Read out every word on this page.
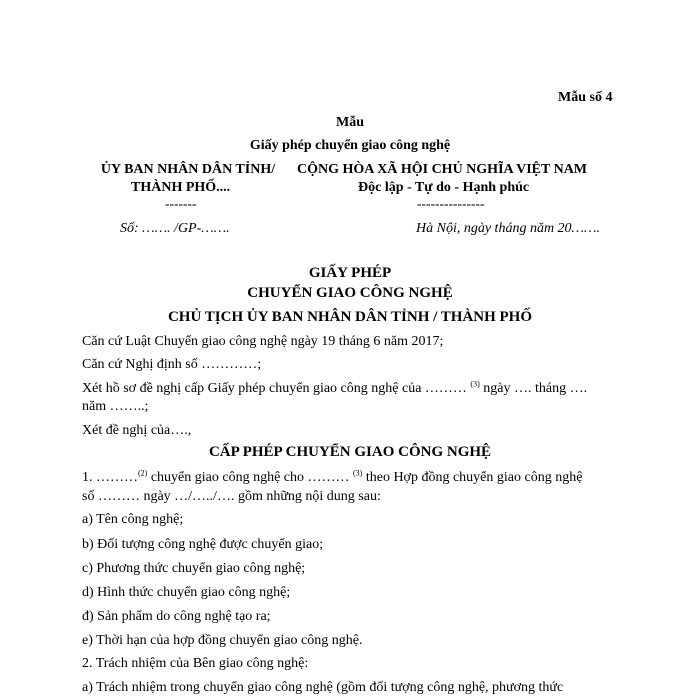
Mẫu số 4
Mẫu
Giấy phép chuyển giao công nghệ
ỦY BAN NHÂN DÂN TỈNH/
THÀNH PHỐ....
-------
Số: ……. /GP-…….
CỘNG HÒA XÃ HỘI CHỦ NGHĨA VIỆT NAM
Độc lập - Tự do - Hạnh phúc
---------------
Hà Nội, ngày tháng năm 20…….
GIẤY PHÉP
CHUYỂN GIAO CÔNG NGHỆ
CHỦ TỊCH ỦY BAN NHÂN DÂN TỈNH / THÀNH PHỐ
Căn cứ Luật Chuyển giao công nghệ ngày 19 tháng 6 năm 2017;
Căn cứ Nghị định số …………;
Xét hồ sơ đề nghị cấp Giấy phép chuyển giao công nghệ của ……… $^{(3)}$ ngày …. tháng ….
năm ……..;
Xét đề nghị của….,
CẤP PHÉP CHUYỂN GIAO CÔNG NGHỆ
1. ………$^{(2)}$ chuyển giao công nghệ cho ……… $^{(3)}$ theo Hợp đồng chuyển giao công nghệ
số ……… ngày …/…../…. gồm những nội dung sau:
a) Tên công nghệ;
b) Đối tượng công nghệ được chuyển giao;
c) Phương thức chuyển giao công nghệ;
d) Hình thức chuyển giao công nghệ;
đ) Sản phẩm do công nghệ tạo ra;
e) Thời hạn của hợp đồng chuyển giao công nghệ.
2. Trách nhiệm của Bên giao công nghệ:
a) Trách nhiệm trong chuyển giao công nghệ (gồm đối tượng công nghệ, phương thức
